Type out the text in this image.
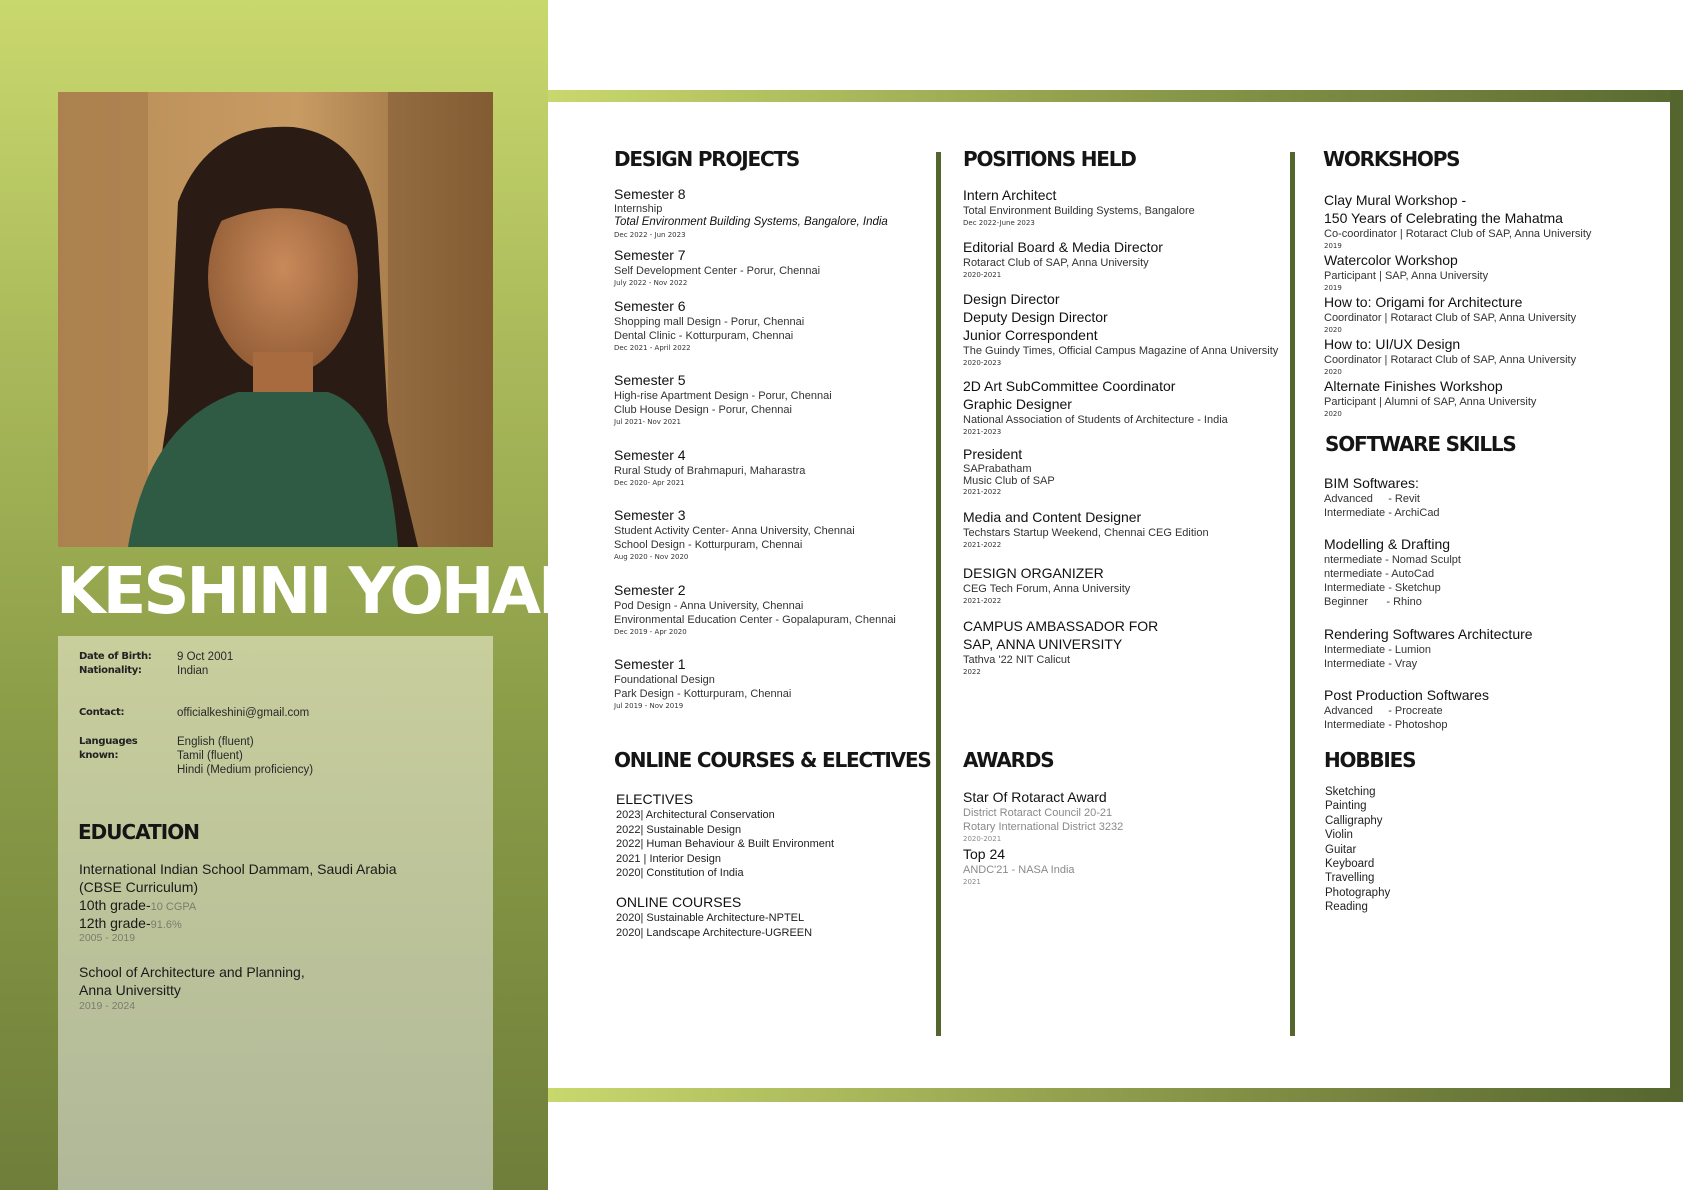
KESHINI YOHAN
Date of Birth:	9 Oct 2001
Nationality:	Indian
Contact:	officialkeshini@gmail.com
Languages known:
English (fluent)
Tamil (fluent)
Hindi (Medium proficiency)
EDUCATION
International Indian School Dammam, Saudi Arabia
(CBSE Curriculum)
10th grade-10 CGPA
12th grade-91.6%
2005 - 2019
School of Architecture and Planning,
Anna Universitty
2019 - 2024
DESIGN PROJECTS
Semester 8
Internship
Total Environment Building Systems, Bangalore, India
Dec 2022 - Jun 2023
Semester 7
Self Development Center - Porur, Chennai
July 2022 - Nov 2022
Semester 6
Shopping mall Design - Porur, Chennai
Dental Clinic - Kotturpuram, Chennai
Dec 2021 - April 2022
Semester 5
High-rise Apartment Design - Porur, Chennai
Club House Design - Porur, Chennai
Jul 2021- Nov 2021
Semester 4
Rural Study of Brahmapuri, Maharastra
Dec 2020- Apr 2021
Semester 3
Student Activity Center- Anna University, Chennai
School Design - Kotturpuram, Chennai
Aug 2020 - Nov 2020
Semester 2
Pod Design - Anna University, Chennai
Environmental Education Center - Gopalapuram, Chennai
Dec 2019 - Apr 2020
Semester 1
Foundational Design
Park Design - Kotturpuram, Chennai
Jul 2019 - Nov 2019
ONLINE COURSES & ELECTIVES
ELECTIVES
2023| Architectural Conservation
2022| Sustainable Design
2022| Human Behaviour & Built Environment
2021 | Interior Design
2020| Constitution of India
ONLINE COURSES
2020| Sustainable Architecture-NPTEL
2020| Landscape Architecture-UGREEN
POSITIONS HELD
Intern Architect
Total Environment Building Systems, Bangalore
Dec 2022-June 2023
Editorial Board & Media Director
Rotaract Club of SAP, Anna University
2020-2021
Design Director
Deputy Design Director
Junior Correspondent
The Guindy Times, Official Campus Magazine of Anna University
2020-2023
2D Art SubCommittee Coordinator
Graphic Designer
National Association of Students of Architecture - India
2021-2023
President
SAPrabatham
Music Club of SAP
2021-2022
Media and Content Designer
Techstars Startup Weekend, Chennai CEG Edition
2021-2022
DESIGN ORGANIZER
CEG Tech Forum, Anna University
2021-2022
CAMPUS AMBASSADOR FOR
SAP, ANNA UNIVERSITY
Tathva '22 NIT Calicut
2022
AWARDS
Star Of Rotaract Award
District Rotaract Council 20-21
Rotary International District 3232
2020-2021
Top 24
ANDC'21 - NASA India
2021
WORKSHOPS
Clay Mural Workshop -
150 Years of Celebrating the Mahatma
Co-coordinator | Rotaract Club of SAP, Anna University
2019
Watercolor Workshop
Participant | SAP, Anna University
2019
How to: Origami for Architecture
Coordinator | Rotaract Club of SAP, Anna University
2020
How to: UI/UX Design
Coordinator | Rotaract Club of SAP, Anna University
2020
Alternate Finishes Workshop
Participant | Alumni of SAP, Anna University
2020
SOFTWARE SKILLS
BIM Softwares:
Advanced     - Revit
Intermediate - ArchiCad
Modelling & Drafting
ntermediate - Nomad Sculpt
ntermediate - AutoCad
Intermediate - Sketchup
Beginner      - Rhino
Rendering Softwares Architecture
Intermediate - Lumion
Intermediate - Vray
Post Production Softwares
Advanced     - Procreate
Intermediate - Photoshop
HOBBIES
Sketching
Painting
Calligraphy
Violin
Guitar
Keyboard
Travelling
Photography
Reading
